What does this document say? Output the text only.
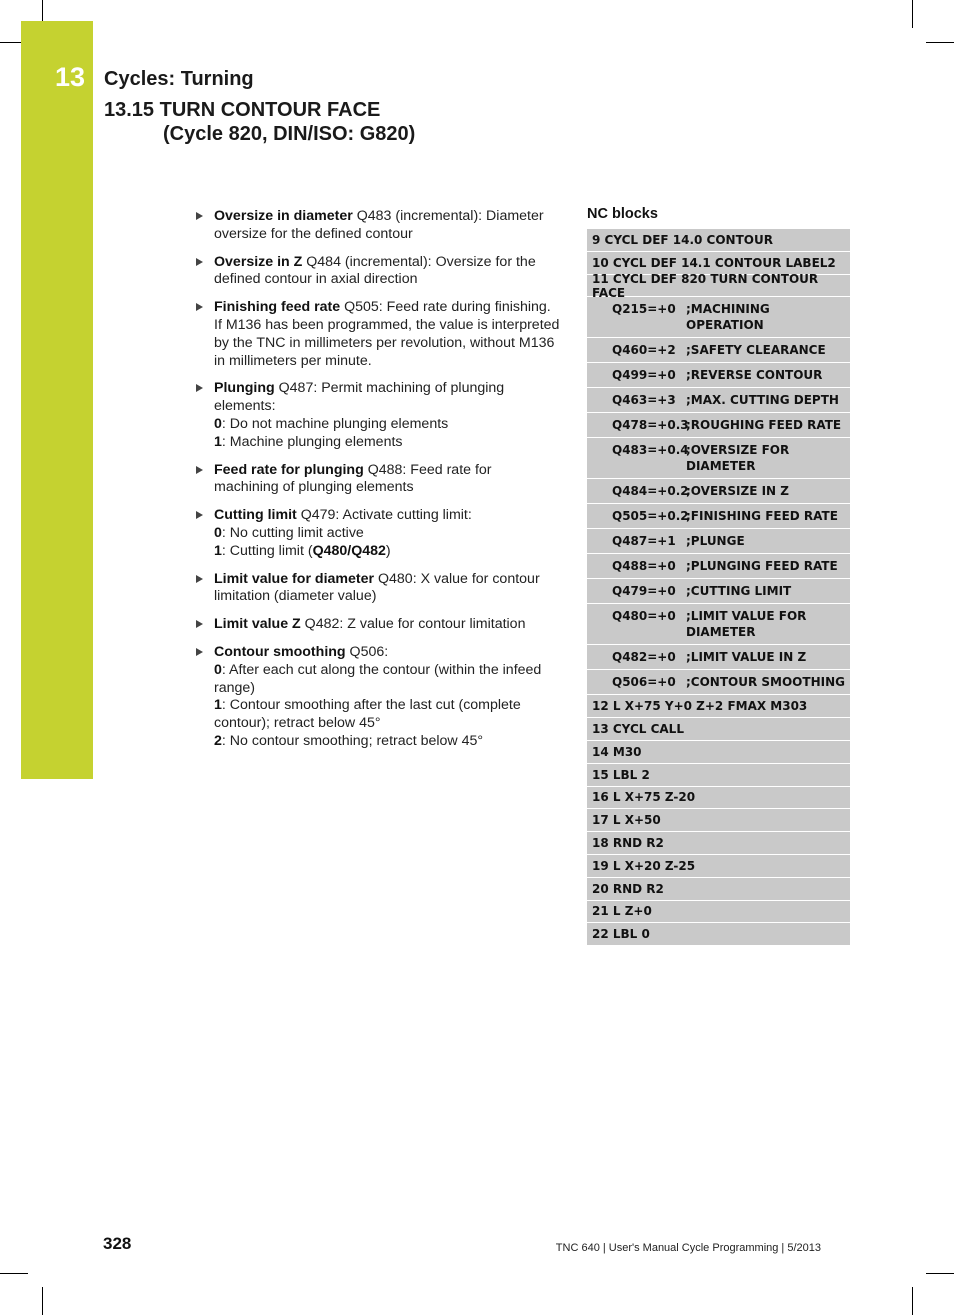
13 Cycles: Turning
13.15 TURN CONTOUR FACE
(Cycle 820, DIN/ISO: G820)
Oversize in diameter Q483 (incremental): Diameter oversize for the defined contour
Oversize in Z Q484 (incremental): Oversize for the defined contour in axial direction
Finishing feed rate Q505: Feed rate during finishing. If M136 has been programmed, the value is interpreted by the TNC in millimeters per revolution, without M136 in millimeters per minute.
Plunging Q487: Permit machining of plunging elements:
0: Do not machine plunging elements
1: Machine plunging elements
Feed rate for plunging Q488: Feed rate for machining of plunging elements
Cutting limit Q479: Activate cutting limit:
0: No cutting limit active
1: Cutting limit (Q480/Q482)
Limit value for diameter Q480: X value for contour limitation (diameter value)
Limit value Z Q482: Z value for contour limitation
Contour smoothing Q506:
0: After each cut along the contour (within the infeed range)
1: Contour smoothing after the last cut (complete contour); retract below 45°
2: No contour smoothing; retract below 45°
NC blocks
9 CYCL DEF 14.0 CONTOUR
10 CYCL DEF 14.1 CONTOUR LABEL2
11 CYCL DEF 820 TURN CONTOUR FACE
Q215=+0 ;MACHINING OPERATION
Q460=+2 ;SAFETY CLEARANCE
Q499=+0 ;REVERSE CONTOUR
Q463=+3 ;MAX. CUTTING DEPTH
Q478=+0.3
;ROUGHING FEED RATE
Q483=+0.4
;OVERSIZE FOR DIAMETER
Q484=+0.2
;OVERSIZE IN Z
Q505=+0.2
;FINISHING FEED RATE
Q487=+1 ;PLUNGE
Q488=+0 ;PLUNGING FEED RATE
Q479=+0 ;CUTTING LIMIT
Q480=+0 ;LIMIT VALUE FOR DIAMETER
Q482=+0 ;LIMIT VALUE IN Z
Q506=+0 ;CONTOUR SMOOTHING
12 L X+75 Y+0 Z+2 FMAX M303
13 CYCL CALL
14 M30
15 LBL 2
16 L X+75 Z-20
17 L X+50
18 RND R2
19 L X+20 Z-25
20 RND R2
21 L Z+0
22 LBL 0
328	TNC 640 | User's Manual Cycle Programming | 5/2013
